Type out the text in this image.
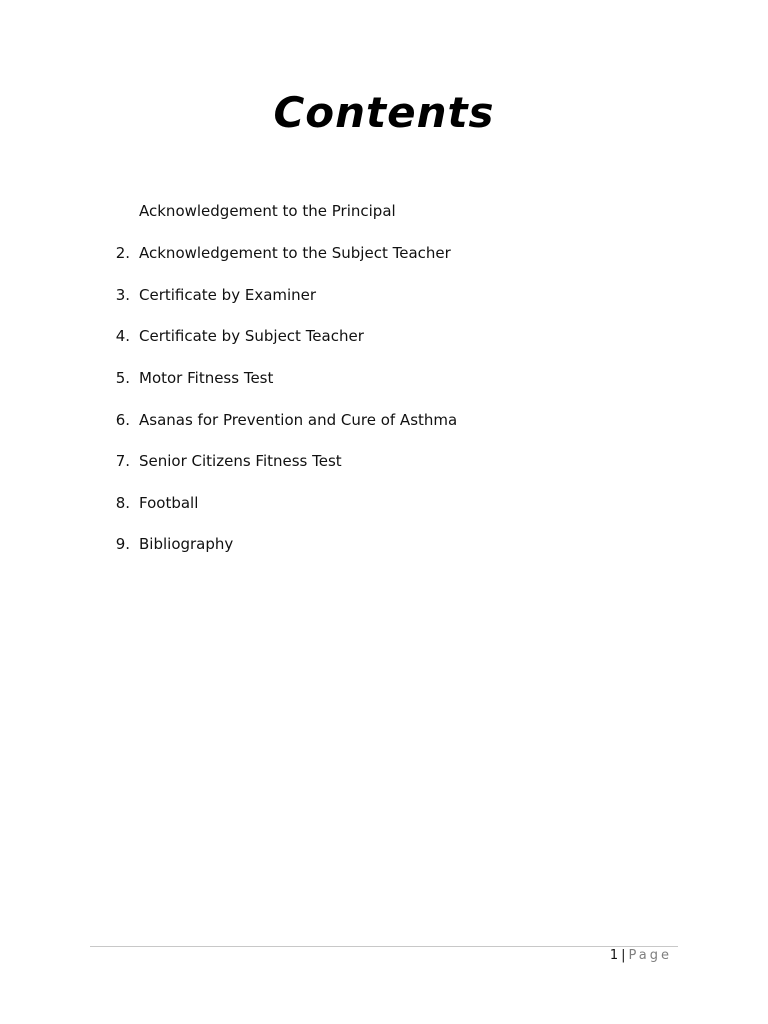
Contents
Acknowledgement to the Principal
2. Acknowledgement to the Subject Teacher
3. Certificate by Examiner
4. Certificate by Subject Teacher
5. Motor Fitness Test
6. Asanas for Prevention and Cure of Asthma
7. Senior Citizens Fitness Test
8. Football
9. Bibliography
1 | Page
